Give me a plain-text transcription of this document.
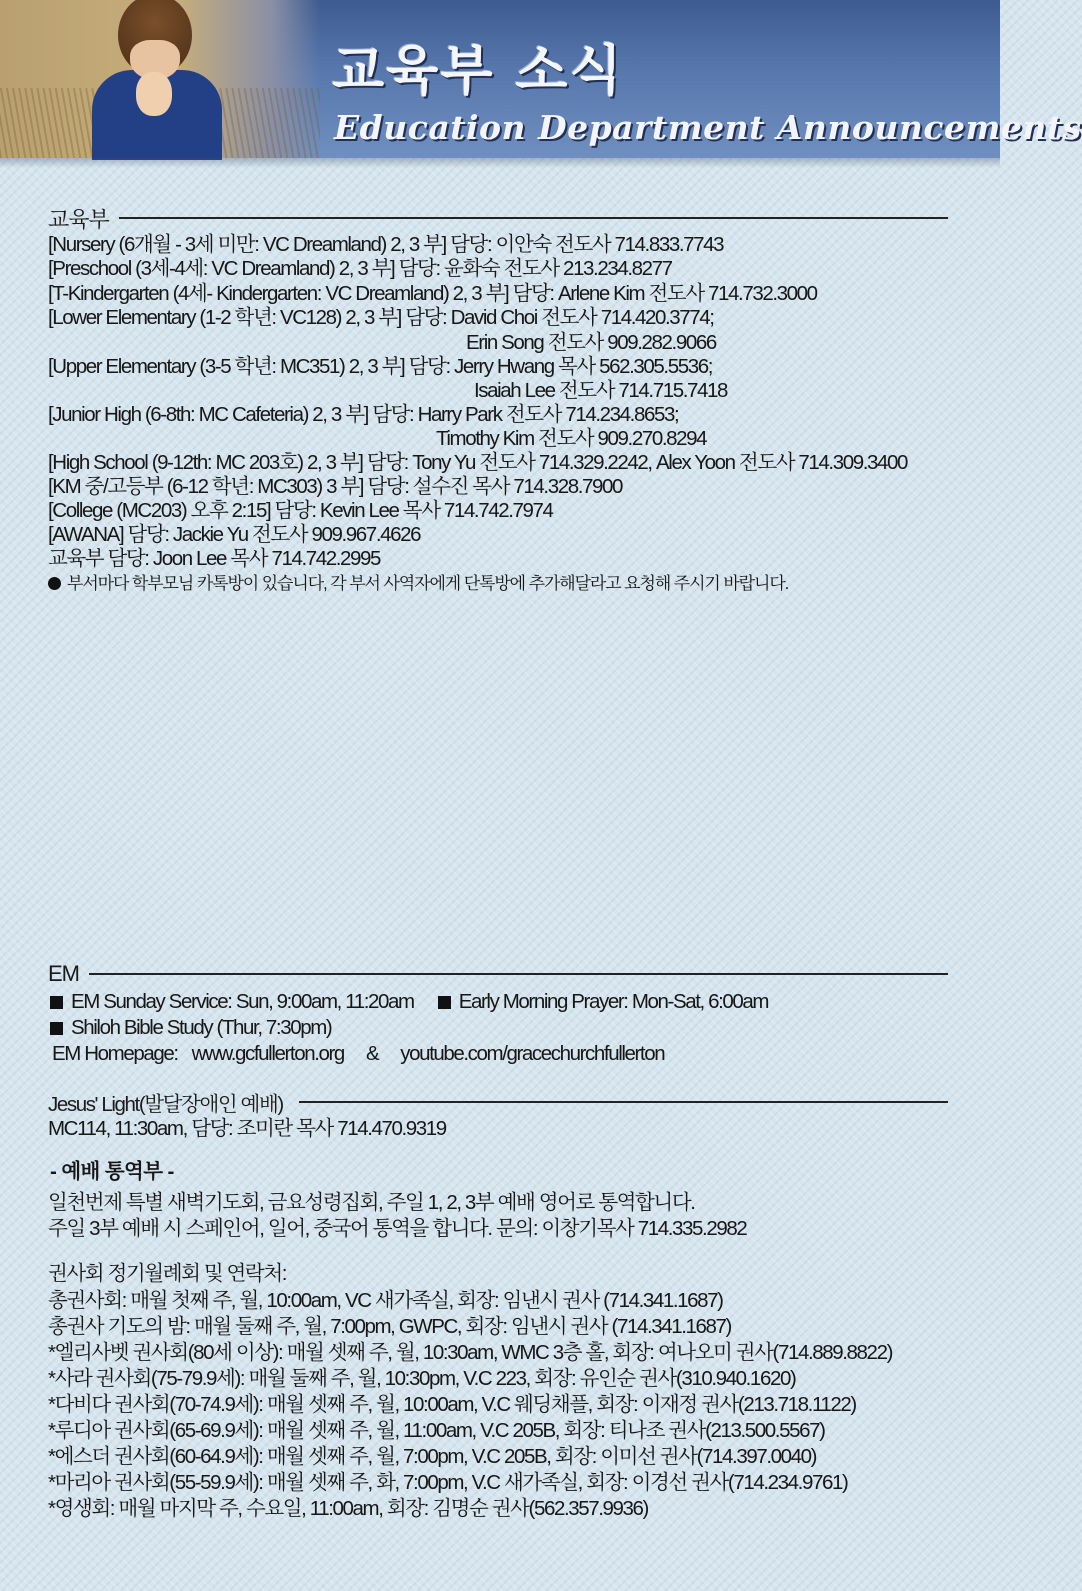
교육부 소식
Education Department Announcements
교육부
[Nursery (6개월 - 3세 미만: VC Dreamland) 2, 3 부] 담당: 이안숙 전도사 714.833.7743
[Preschool (3세-4세: VC Dreamland) 2, 3 부] 담당: 윤화숙 전도사 213.234.8277
[T-Kindergarten (4세- Kindergarten: VC Dreamland) 2, 3 부] 담당: Arlene Kim 전도사 714.732.3000
[Lower Elementary (1-2 학년: VC128) 2, 3 부] 담당: David Choi 전도사 714.420.3774;
Erin Song 전도사 909.282.9066
[Upper Elementary (3-5 학년: MC351) 2, 3 부] 담당: Jerry Hwang 목사 562.305.5536;
Isaiah Lee 전도사 714.715.7418
[Junior High (6-8th: MC Cafeteria) 2, 3 부] 담당: Harry Park 전도사 714.234.8653;
Timothy Kim 전도사 909.270.8294
[High School (9-12th: MC 203호) 2, 3 부] 담당: Tony Yu 전도사 714.329.2242, Alex Yoon 전도사 714.309.3400
[KM 중/고등부 (6-12 학년: MC303) 3 부] 담당: 설수진 목사 714.328.7900
[College (MC203) 오후 2:15] 담당: Kevin Lee 목사 714.742.7974
[AWANA] 담당: Jackie Yu 전도사 909.967.4626
교육부 담당: Joon Lee 목사 714.742.2995
부서마다 학부모님 카톡방이 있습니다, 각 부서 사역자에게 단톡방에 추가해달라고 요청해 주시기 바랍니다.
EM
EM Sunday Service: Sun, 9:00am, 11:20am Early Morning Prayer: Mon-Sat, 6:00am
Shiloh Bible Study (Thur, 7:30pm)
EM Homepage: www.gcfullerton.org & youtube.com/gracechurchfullerton
Jesus' Light(발달장애인 예배)
MC114, 11:30am, 담당: 조미란 목사 714.470.9319
- 예배 통역부 -
일천번제 특별 새벽기도회, 금요성령집회, 주일 1, 2, 3부 예배 영어로 통역합니다.
주일 3부 예배 시 스페인어, 일어, 중국어 통역을 합니다. 문의: 이창기목사 714.335.2982
권사회 정기월례회 및 연락처:
총권사회: 매월 첫째 주, 월, 10:00am, VC 새가족실, 회장: 임낸시 권사 (714.341.1687)
총권사 기도의 밤: 매월 둘째 주, 월, 7:00pm, GWPC, 회장: 임낸시 권사 (714.341.1687)
*엘리사벳 권사회(80세 이상): 매월 셋째 주, 월, 10:30am, WMC 3층 홀, 회장: 여나오미 권사(714.889.8822)
*사라 권사회(75-79.9세): 매월 둘째 주, 월, 10:30pm, V.C 223, 회장: 유인순 권사(310.940.1620)
*다비다 권사회(70-74.9세): 매월 셋째 주, 월, 10:00am, V.C 웨딩채플, 회장: 이재정 권사(213.718.1122)
*루디아 권사회(65-69.9세): 매월 셋째 주, 월, 11:00am, V.C 205B, 회장: 티나조 권사(213.500.5567)
*에스더 권사회(60-64.9세): 매월 셋째 주, 월, 7:00pm, V.C 205B, 회장: 이미선 권사(714.397.0040)
*마리아 권사회(55-59.9세): 매월 셋째 주, 화, 7:00pm, V.C 새가족실, 회장: 이경선 권사(714.234.9761)
*영생회: 매월 마지막 주, 수요일, 11:00am, 회장: 김명순 권사(562.357.9936)
